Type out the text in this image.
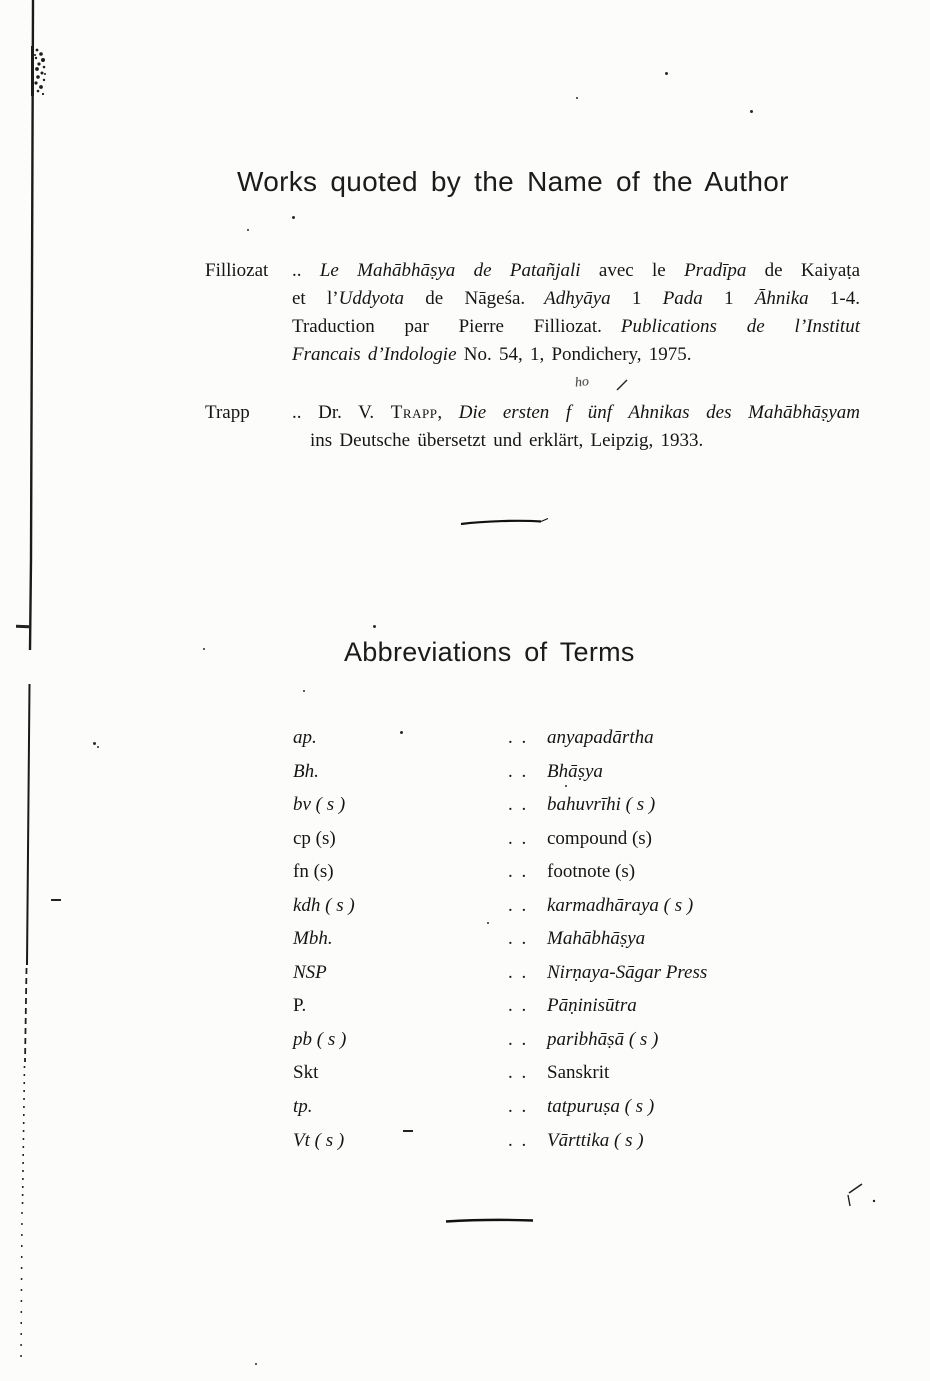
Works quoted by the Name of the Author
Abbreviations of Terms
Filliozat .. Le Mahābhāṣya de Patañjali avec le Pradīpa de Kaiyaṭa
et l’Uddyota de Nāgeśa.  Adhyāya 1 Pada 1 Āhnika 1-4.
Traduction par Pierre Filliozat.  Publications de l’Institut
Francais d’Indologie No. 54, 1, Pondichery, 1975.
Trapp .. Dr. V. Trapp, Die ersten f ünf Ahnikas des Mahābhāṣyam
ins Deutsche übersetzt und erklärt, Leipzig, 1933.
ho
ap.	. . anyapadārtha
Bh.	. . Bhāṣya
bv ( s )	. . bahuvrīhi ( s )
cp (s)	. . compound (s)
fn (s)	. . footnote (s)
kdh ( s )	. . karmadhāraya ( s )
Mbh.	. . Mahābhāṣya
NSP	. . Nirṇaya-Sāgar Press
P.	. . Pāṇinisūtra
pb ( s )	. . paribhāṣā ( s )
Skt	. . Sanskrit
tp.	. . tatpuruṣa ( s )
Vt ( s )	. . Vārttika ( s )
